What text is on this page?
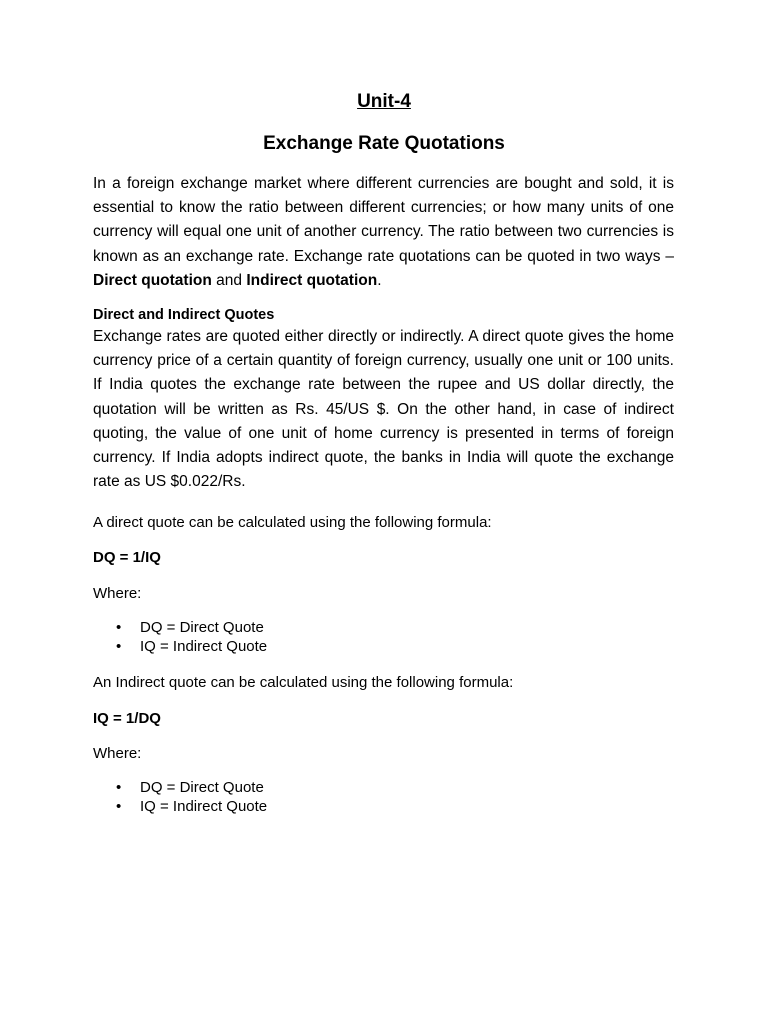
Unit-4
Exchange Rate Quotations

In a foreign exchange market where different currencies are bought and sold, it is essential to know the ratio between different currencies; or how many units of one currency will equal one unit of another currency. The ratio between two currencies is known as an exchange rate. Exchange rate quotations can be quoted in two ways – Direct quotation and Indirect quotation.

Direct and Indirect Quotes

Exchange rates are quoted either directly or indirectly. A direct quote gives the home currency price of a certain quantity of foreign currency, usually one unit or 100 units. If India quotes the exchange rate between the rupee and US dollar directly, the quotation will be written as Rs. 45/US $. On the other hand, in case of indirect quoting, the value of one unit of home currency is presented in terms of foreign currency. If India adopts indirect quote, the banks in India will quote the exchange rate as US $0.022/Rs.

A direct quote can be calculated using the following formula:
DQ = 1/IQ
Where:
• DQ = Direct Quote
• IQ = Indirect Quote
An Indirect quote can be calculated using the following formula:
IQ = 1/DQ
Where:
• DQ = Direct Quote
• IQ = Indirect Quote
